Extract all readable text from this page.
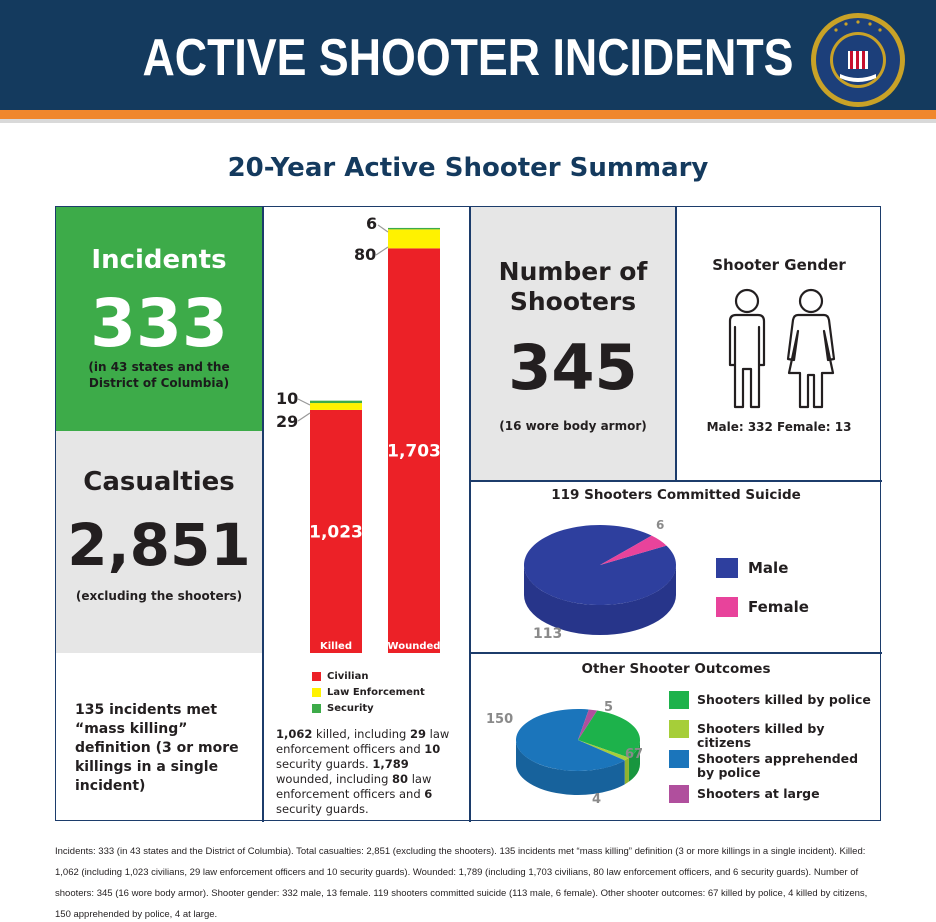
ACTIVE SHOOTER INCIDENTS
20-Year Active Shooter Summary
Incidents
333
(in 43 states and the District of Columbia)
Casualties
2,851
(excluding the shooters)
135 incidents met “mass killing” definition (3 or more killings in a single incident)
1,023
1,703
10
29
6
80
Killed	Wounded
Civilian
Law Enforcement
Security
1,062 killed, including 29 law enforcement officers and 10 security guards. 1,789 wounded, including 80 law enforcement officers and 6 security guards.
Number of
Shooters
345
(16 wore body armor)
Shooter Gender
Male: 332 Female: 13
119 Shooters Committed Suicide
113
6
Male
Female
Other Shooter Outcomes
150
5
67
4
Shooters killed by police
Shooters killed by citizens
Shooters apprehended
by police
Shooters at large
Incidents: 333 (in 43 states and the District of Columbia). Total casualties: 2,851 (excluding the shooters). 135 incidents met “mass killing” definition (3 or more killings in a single incident). Killed: 1,062 (including 1,023 civilians, 29 law enforcement officers and 10 security guards). Wounded: 1,789 (including 1,703 civilians, 80 law enforcement officers, and 6 security guards). Number of shooters: 345 (16 wore body armor). Shooter gender: 332 male, 13 female. 119 shooters committed suicide (113 male, 6 female). Other shooter outcomes: 67 killed by police, 4 killed by citizens, 150 apprehended by police, 4 at large.
